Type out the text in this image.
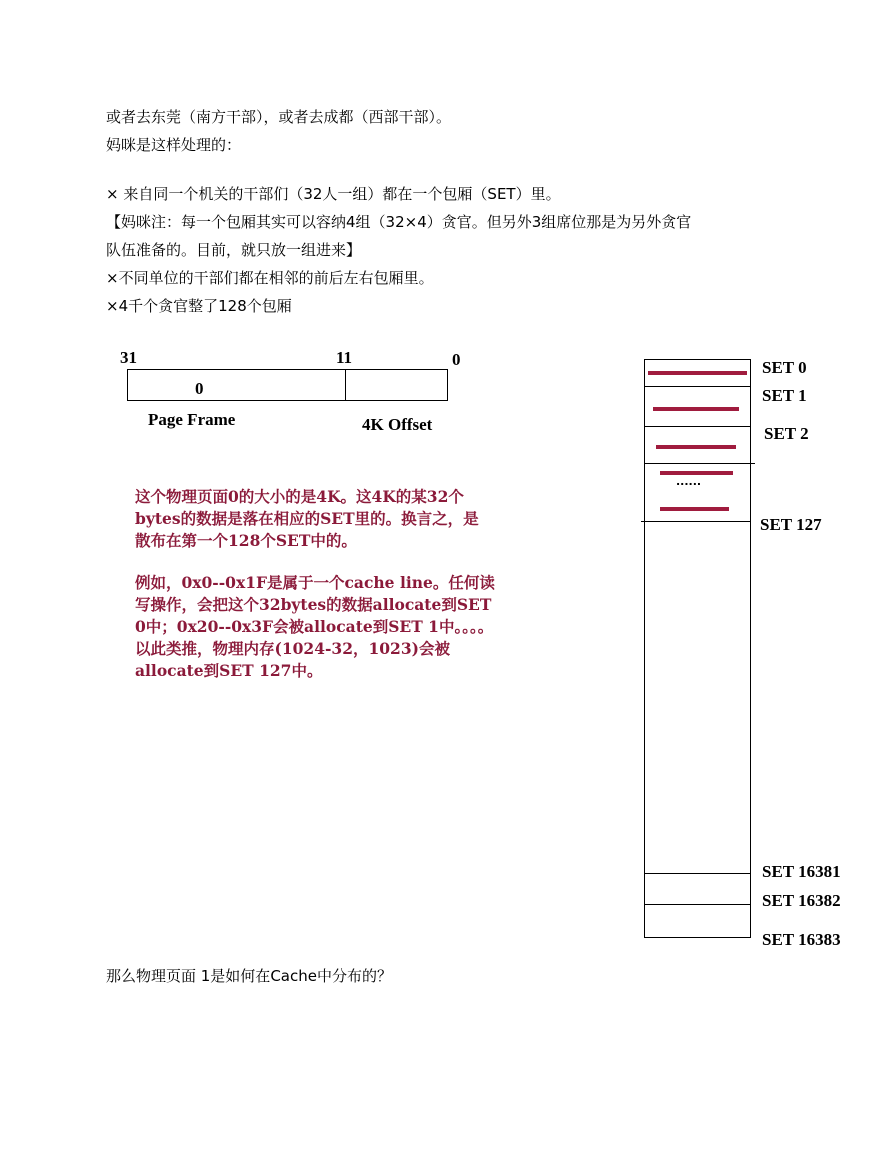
或者去东莞（南方干部），或者去成都（西部干部）。
妈咪是这样处理的：
× 来自同一个机关的干部们（32人一组）都在一个包厢（SET）里。
【妈咪注：每一个包厢其实可以容纳4组（32×4）贪官。但另外3组席位那是为另外贪官
队伍准备的。目前，就只放一组进来】
×不同单位的干部们都在相邻的前后左右包厢里。
×4千个贪官整了128个包厢
31	11	0
0
Page Frame	4K Offset
这个物理页面0的大小的是4K。这4K的某32个
bytes的数据是落在相应的SET里的。换言之，是
散布在第一个128个SET中的。
例如，0x0--0x1F是属于一个cache line。任何读
写操作，会把这个32bytes的数据allocate到SET
0中；0x20--0x3F会被allocate到SET 1中。。。。
以此类推，物理内存(1024-32，1023)会被
allocate到SET 127中。
......
SET 0
SET 1
SET 2
SET 127
SET 16381
SET 16382
SET 16383
那么物理页面 1是如何在Cache中分布的？
